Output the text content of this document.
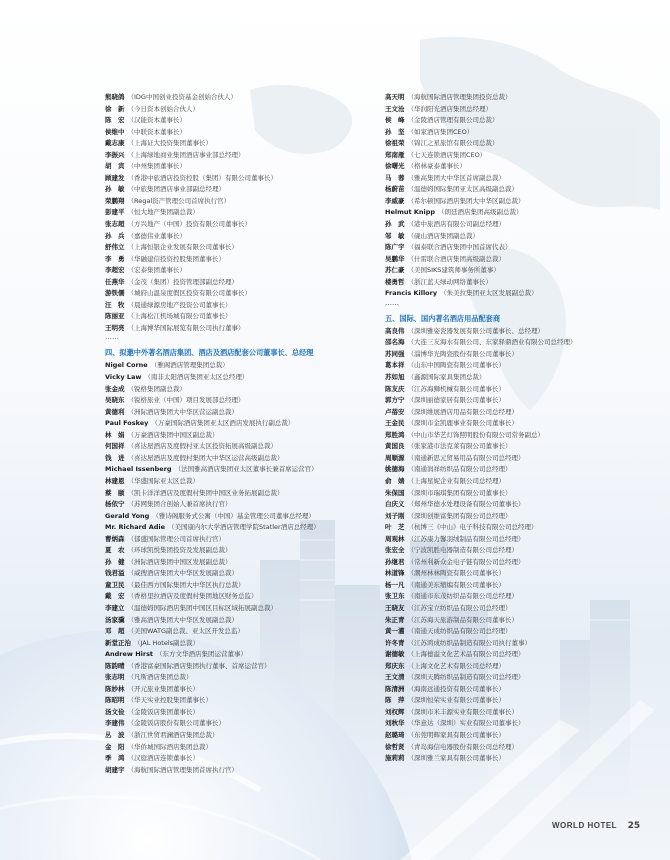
熊晓鸽 （IDG中国创业投资基金创始合伙人）
徐　新 （今日资本创始合伙人）
陈　宏 （汉能资本董事长）
侯维中 （中联资本董事长）
戴志康 （上海证大投资集团董事长）
李振兴 （上海绿地商业集团酒店事业部总经理）
胡　宾 （中州集团董事长）
顾建发 （香港中旅酒店投资控股（集团）有限公司董事长）
孙　敏 （中旅集团酒店事业部副总经理）
荣鹏翔 （Regal资产管理公司首席执行官）
彭建平 （恒大地产集团副总裁）
张志超 （方兴地产（中国）投资有限公司董事长）
孙　兵 （嘉德伟业董事长）
舒伟立 （上海恒银企业发展有限公司董事长）
李　勇 （华融建信投资控股集团董事长）
李超宏 （宏泰集团董事长）
任燕华 （金茂（集团）投资管理部副总经理）
游铁儒 （城府山温泉度假区投资有限公司董事长）
汪　牧 （晨通绿源房地产投资公司董事长）
陈丽亚 （上海松江机场城有限公司董事长）
王明亮 （上海博华国际展览有限公司执行董事）
……
四、拟邀中外著名酒店集团、酒店及酒店配套公司董事长、总经理
Nigel Corne （雅阁酒店管理集团总裁）
Vicky Law （南非太阳酒店集团亚太区总经理）
张金成 （锐格集团副总裁）
吴晓东 （锐格旅业（中国）项目发展部总经理）
黄德利 （洲际酒店集团大中华区营运副总裁）
Paul Foskey （万豪国际酒店集团亚太区酒店发展执行副总裁）
林　娟 （万豪酒店集团中国区副总裁）
何国祥 （喜达屋酒店及度假村亚太区投资拓展高级副总裁）
钱　进 （喜达屋酒店及度假村集团大中华区运营高级副总裁）
Michael Issenberg （法国雅高酒店集团亚太区董事长兼首席运营官）
林建恩 （华盛国际亚太区总裁）
蔡　颐 （凯卡洋洋酒店及度假村集团中国区业务拓展副总裁）
杨依宁 （苏网集团合创始人兼首席执行官）
Gerald Yong （雅诗阁服务式公寓（中国）基金管理公司董事总经理）
Mr. Richard Adie （美国康内尔大学酒店管理学院Statler酒店总经理）
曹炳森 （郁盛国际管理公司首席执行官）
夏　农 （环球凯悦集团投资及发展副总裁）
孙　健 （洲际酒店集团中国区发展副总裁）
钱君溢 （威搜酒店集团大中华区发展副总裁）
童卫民 （最佳西方国际集团大中华区执行总裁）
戴　宏 （香格里拉酒店及度假村集团地区财务总监）
李建立 （温德姆国际酒店集团中国区目标区域拓展副总裁）
汤家骥 （雅高酒店集团大中华区发展副总裁）
邓　超 （美国WATG副总裁、亚太区开发总监）
新堂正治 （JAL Hotels副总裁）
Andrew Hirst （东方文华酒店集团运营董事）
陈韵晴 （香港富豪国际酒店集团执行董事、首席运营官）
张志明 （凡斯酒店集团总裁）
陈妙林 （开元旅业集团董事长）
陈昭明 （华天实业控股集团董事长）
汤文俭 （金陵饭店集团董事长）
李建伟 （金陵饭店股份有限公司董事长）
丛　波 （浙江世贸君澜酒店集团总裁）
金　阳 （华侨城国际酒店集团总裁）
季　鸿 （汉庭酒店连锁董事长）
胡建宇 （海航国际酒店管理集团首席执行官）
高天明 （海航国际酒店管理集团投资总裁）
王文沧 （华润阳光酒店集团总经理）
侯　峰 （金陵酒店管理有限公司总裁）
孙　坚 （如家酒店集团CEO）
徐祖荣 （锦江之星旅馆有限公司总裁）
郑南雁 （七天连锁酒店集团CEO）
徐曙光 （格林豪泰董事长）
马　蓉 （雅高集团大中华区首席副总裁）
杨蔚苗 （温德姆国际集团亚太区高级副总裁）
李威豪 （希尔顿国际酒店集团大中华区副总裁）
Helmut Knipp （朗廷酒店集团高级副总裁）
孙　武 （港中旅酒店有限公司副总经理）
邹　敏 （砚山酒店集团副总裁）
陈广宇 （福泰联合酒店集团中国首席代表）
吴鹏华 （什雷联合酒店集团高级副总裁）
苏仁豪 （美国SIKS建筑师事务所董事）
楼勇哲 （浙江蓝天绿动网络董事长）
Francis Killory （朱美拉集团亚太区发展副总裁）
……
五、国际、国内著名酒店用品配套商
高良伟 （深圳雅姿瓷器发展有限公司董事长、总经理）
邵名海 （大连三友海水有限公司、东家驿鼎酒业有限公司总经理）
苏同强 （淄博华光陶瓷股份有限公司董事长）
葛本祥 （山东中国陶瓷有限公司董事长）
苏如旭 （鑫源国际家具集团总裁）
陈友庆 （江苏海狮机械有限公司董事长）
郭方宁 （深圳丽德家居有限公司董事长）
卢蓓安 （深圳维展酒店用品有限公司总经理）
王金民 （深圳市金凯鹿事业有限公司董事长）
郑胜鸿 （中山市华艺灯饰照明股份有限公司常务副总）
黄国良 （张家港市法克莱有限公司董事长）
周顺源 （南通新思元贸易用品有限公司总经理）
姚德海 （南通润祥纺织品有限公司总经理）
俞　婧 （上海星妮企业有限公司总经理）
朱保国 （深圳市瑞琪集团有限公司董事长）
白庆义 （郑州华德水处理设备有限公司董事长）
刘子刚 （深圳创维富集团有限公司总经理）
叶　芝 （杭博三《中山》电子科技有限公司总经理）
周观林 （江苏康力馨羽绒制品有限公司总经理）
张宏全 （宁波凯胜电器制造有限公司总经理）
孙继君 （常州利新众金电子链有限公司总经理）
林道锋 （潮州林林陶瓷有限公司董事长）
杨一凡 （南通美东缩编有限公司董事长）
张卫东 （南通市东茂纺织品有限公司总经理）
王晓友 （江苏宝立纺织品有限公司总经理）
朱正青 （江苏海天旅游制品有限公司董事长）
黄一灌 （南通天成纺织品有限公司总经理）
许冬青 （江苏鸿成纺织品制造有限公司执行董事）
谢德敏 （上海德溢文化艺术品有限公司总经理）
郑庆东 （上海文化艺术有限公司总经理）
王文清 （深圳天腾纺织品制造有限公司总经理）
陈清洲 （海南远通投资有限公司董事长）
陈　萍 （深圳恒荣实业有限公司董事长）
刘权辉 （深圳市米丰源实业有限公司董事长）
刘秋华 （华意达（深圳）实业有限公司董事长）
赵璐琦 （东莞明辉家具有限公司董事长）
徐哲贤 （青岛海信电器股份有限公司总经理）
施莉莉 （深圳雅兰家具有限公司董事长）
WORLD HOTEL 25
